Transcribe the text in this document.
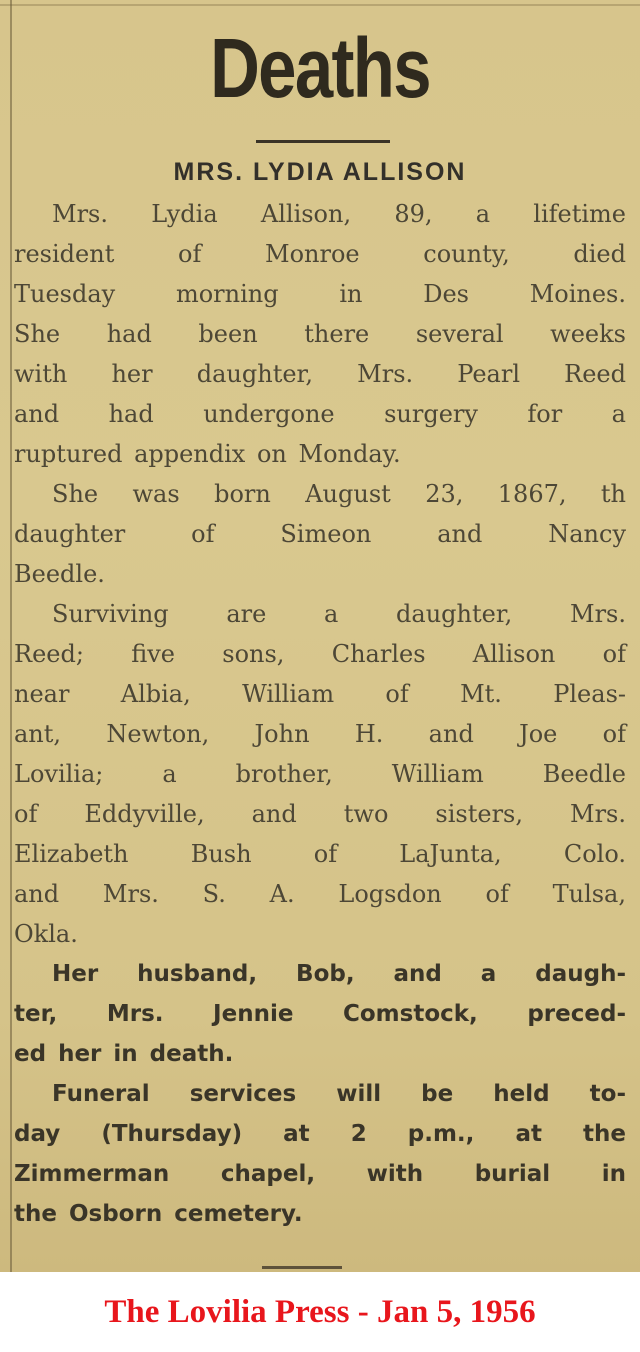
Deaths
MRS. LYDIA ALLISON
Mrs. Lydia Allison, 89, a lifetime
resident of Monroe county, died
Tuesday morning in Des Moines.
She had been there several weeks
with her daughter, Mrs. Pearl Reed
and had undergone surgery for a
ruptured appendix on Monday.
She was born August 23, 1867, th
daughter of Simeon and Nancy
Beedle.
Surviving are a daughter, Mrs.
Reed; five sons, Charles Allison of
near Albia, William of Mt. Pleas-
ant, Newton, John H. and Joe of
Lovilia; a brother, William Beedle
of Eddyville, and two sisters, Mrs.
Elizabeth Bush of LaJunta, Colo.
and Mrs. S. A. Logsdon of Tulsa,
Okla.
Her husband, Bob, and a daugh-
ter, Mrs. Jennie Comstock, preced-
ed her in death.
Funeral services will be held to-
day (Thursday) at 2 p.m., at the
Zimmerman chapel, with burial in
the Osborn cemetery.
The Lovilia Press - Jan 5, 1956
